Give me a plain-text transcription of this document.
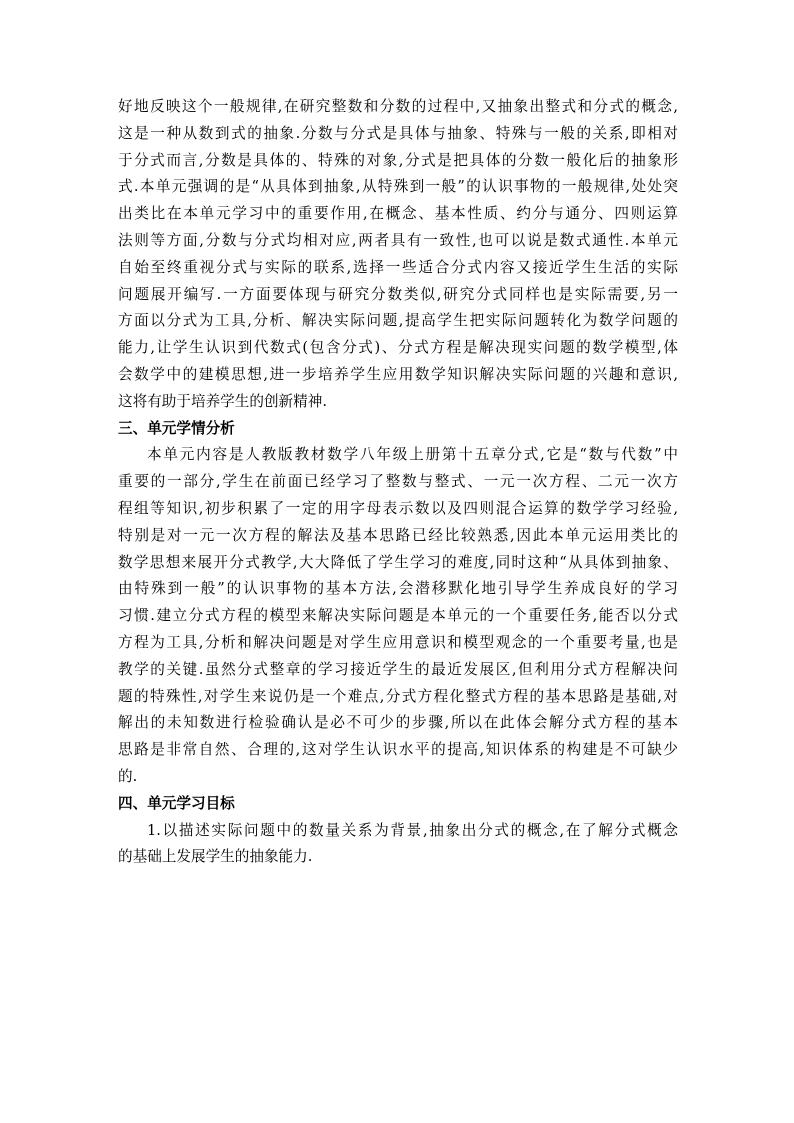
好地反映这个一般规律,在研究整数和分数的过程中,又抽象出整式和分式的概念,
这是一种从数到式的抽象.分数与分式是具体与抽象、特殊与一般的关系,即相对
于分式而言,分数是具体的、特殊的对象,分式是把具体的分数一般化后的抽象形
式.本单元强调的是“从具体到抽象,从特殊到一般”的认识事物的一般规律,处处突
出类比在本单元学习中的重要作用,在概念、基本性质、约分与通分、四则运算
法则等方面,分数与分式均相对应,两者具有一致性,也可以说是数式通性.本单元
自始至终重视分式与实际的联系,选择一些适合分式内容又接近学生生活的实际
问题展开编写.一方面要体现与研究分数类似,研究分式同样也是实际需要,另一
方面以分式为工具,分析、解决实际问题,提高学生把实际问题转化为数学问题的
能力,让学生认识到代数式(包含分式)、分式方程是解决现实问题的数学模型,体
会数学中的建模思想,进一步培养学生应用数学知识解决实际问题的兴趣和意识,
这将有助于培养学生的创新精神.
三、单元学情分析
本单元内容是人教版教材数学八年级上册第十五章分式,它是“数与代数”中
重要的一部分,学生在前面已经学习了整数与整式、一元一次方程、二元一次方
程组等知识,初步积累了一定的用字母表示数以及四则混合运算的数学学习经验,
特别是对一元一次方程的解法及基本思路已经比较熟悉,因此本单元运用类比的
数学思想来展开分式教学,大大降低了学生学习的难度,同时这种“从具体到抽象、
由特殊到一般”的认识事物的基本方法,会潜移默化地引导学生养成良好的学习
习惯.建立分式方程的模型来解决实际问题是本单元的一个重要任务,能否以分式
方程为工具,分析和解决问题是对学生应用意识和模型观念的一个重要考量,也是
教学的关键.虽然分式整章的学习接近学生的最近发展区,但利用分式方程解决问
题的特殊性,对学生来说仍是一个难点,分式方程化整式方程的基本思路是基础,对
解出的未知数进行检验确认是必不可少的步骤,所以在此体会解分式方程的基本
思路是非常自然、合理的,这对学生认识水平的提高,知识体系的构建是不可缺少
的.
四、单元学习目标
1.以描述实际问题中的数量关系为背景,抽象出分式的概念,在了解分式概念
的基础上发展学生的抽象能力.
